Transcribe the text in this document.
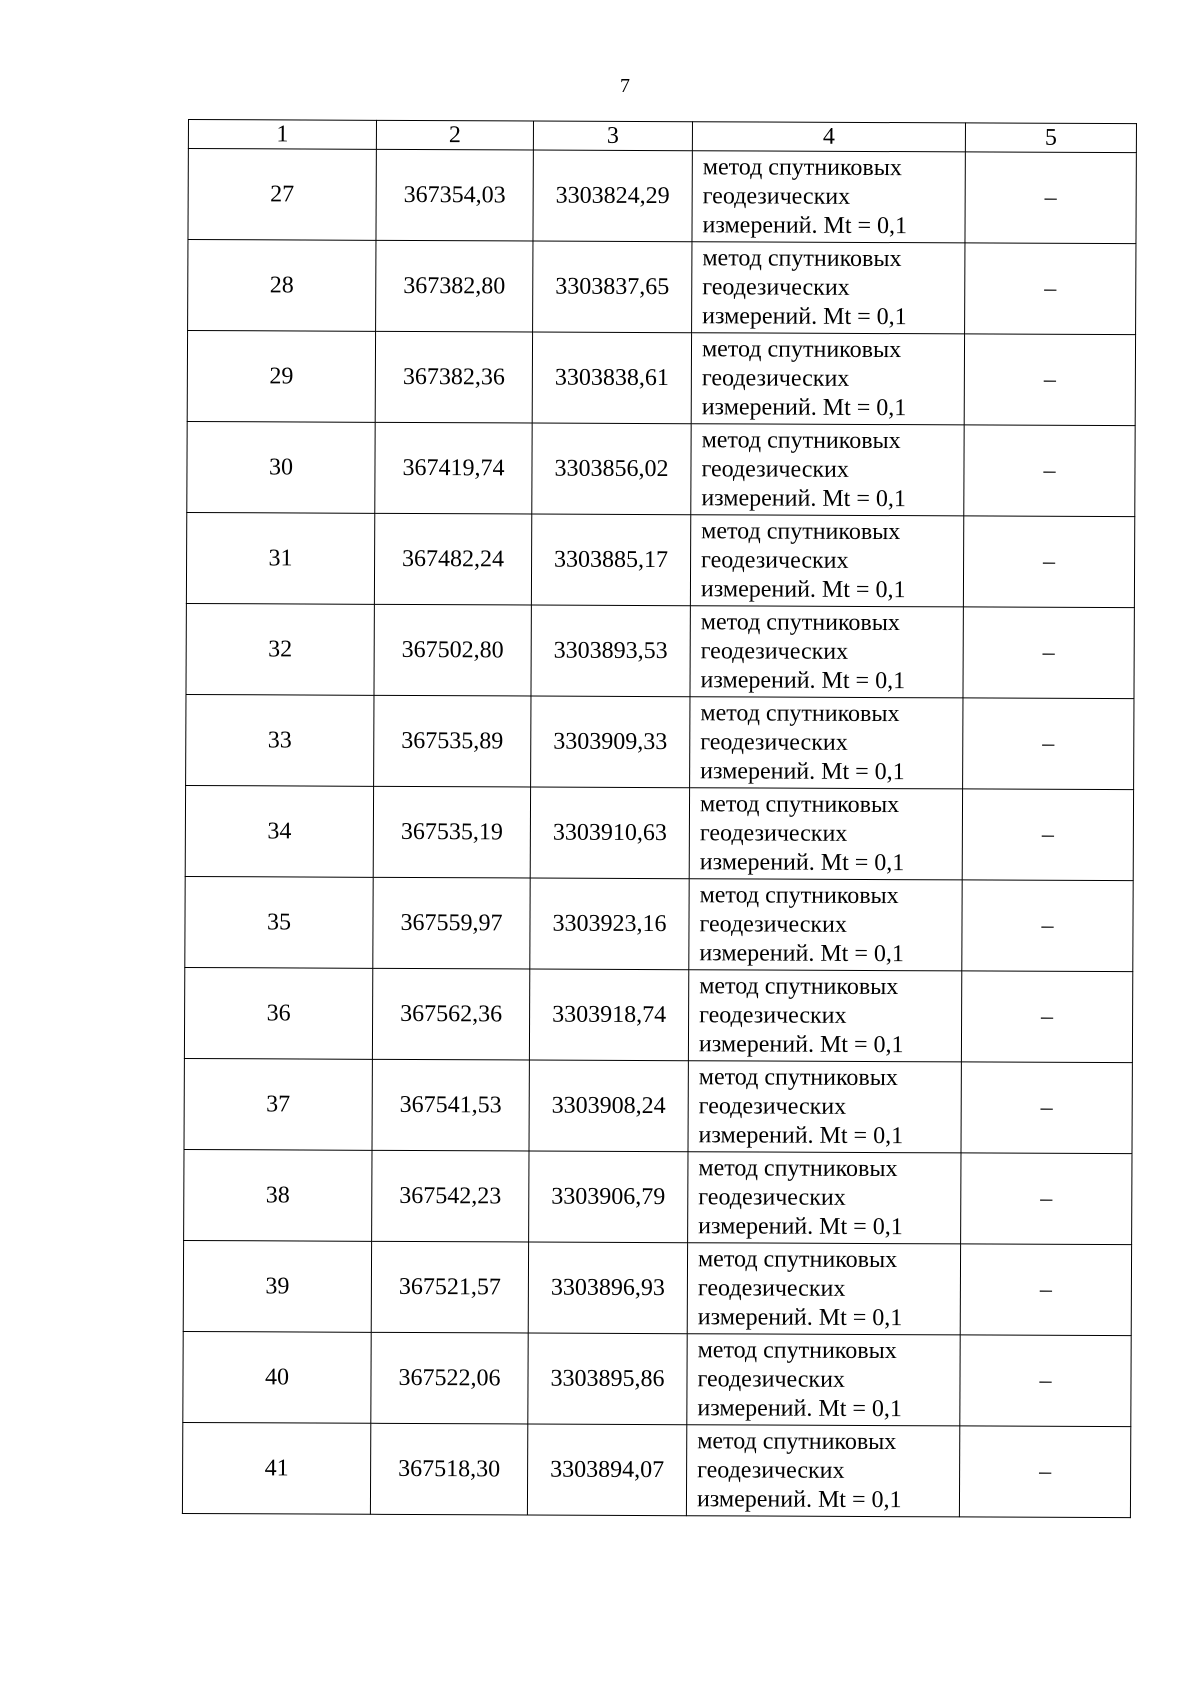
7
1	2	3	4	5
27	367354,03	3303824,29	метод спутниковых
геодезических
измерений. Mt = 0,1	–
28	367382,80	3303837,65	метод спутниковых
геодезических
измерений. Mt = 0,1	–
29	367382,36	3303838,61	метод спутниковых
геодезических
измерений. Mt = 0,1	–
30	367419,74	3303856,02	метод спутниковых
геодезических
измерений. Mt = 0,1	–
31	367482,24	3303885,17	метод спутниковых
геодезических
измерений. Mt = 0,1	–
32	367502,80	3303893,53	метод спутниковых
геодезических
измерений. Mt = 0,1	–
33	367535,89	3303909,33	метод спутниковых
геодезических
измерений. Mt = 0,1	–
34	367535,19	3303910,63	метод спутниковых
геодезических
измерений. Mt = 0,1	–
35	367559,97	3303923,16	метод спутниковых
геодезических
измерений. Mt = 0,1	–
36	367562,36	3303918,74	метод спутниковых
геодезических
измерений. Mt = 0,1	–
37	367541,53	3303908,24	метод спутниковых
геодезических
измерений. Mt = 0,1	–
38	367542,23	3303906,79	метод спутниковых
геодезических
измерений. Mt = 0,1	–
39	367521,57	3303896,93	метод спутниковых
геодезических
измерений. Mt = 0,1	–
40	367522,06	3303895,86	метод спутниковых
геодезических
измерений. Mt = 0,1	–
41	367518,30	3303894,07	метод спутниковых
геодезических
измерений. Mt = 0,1	–
